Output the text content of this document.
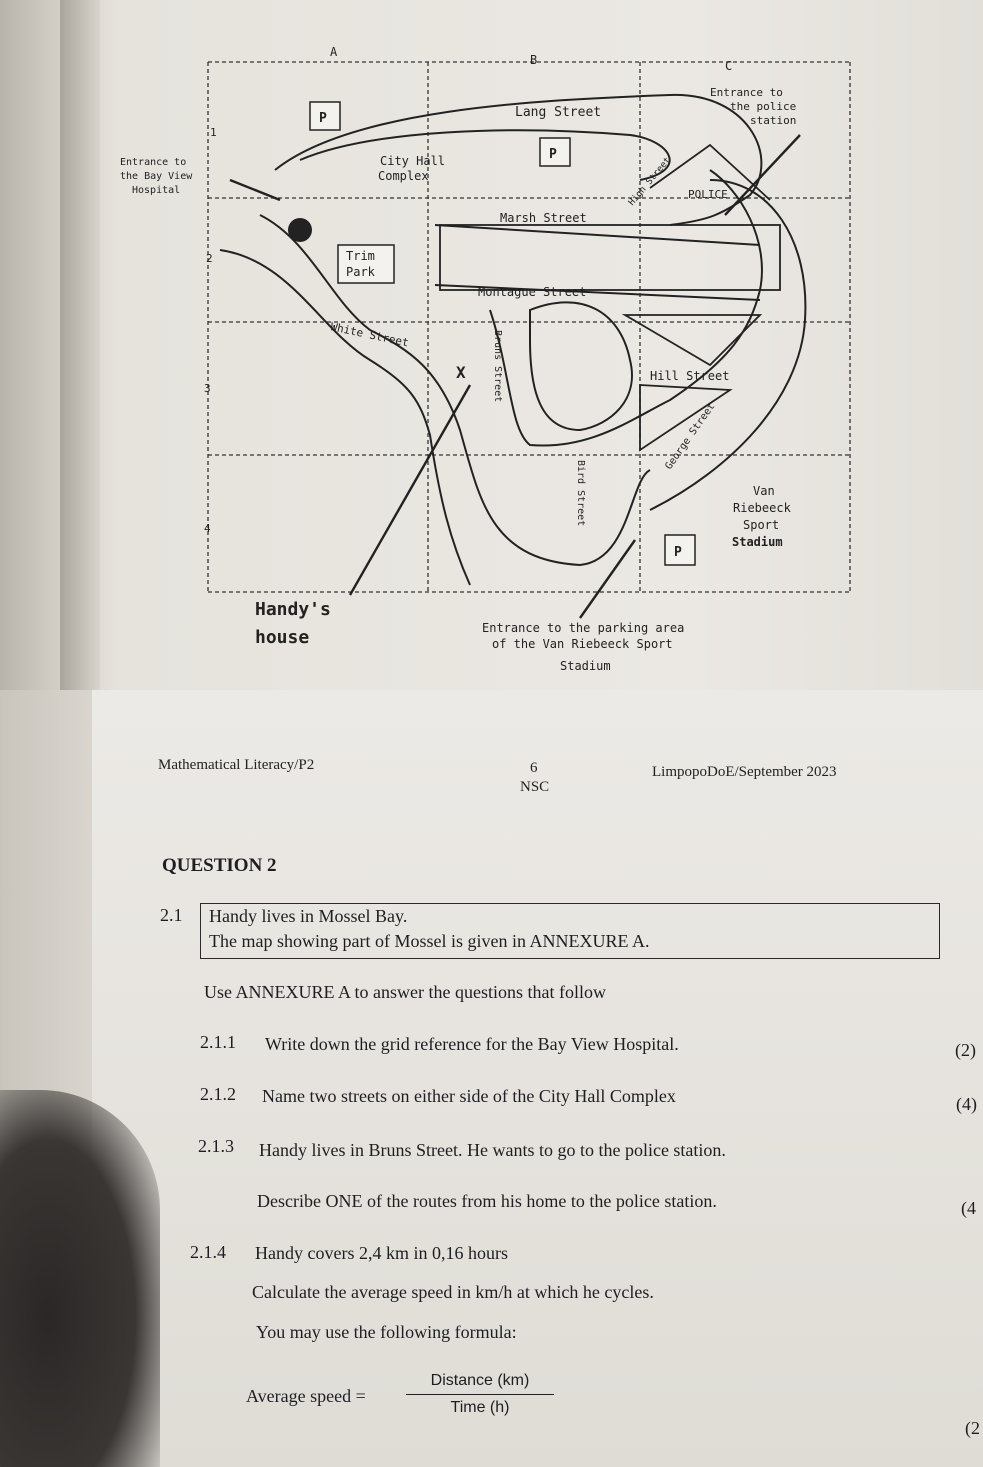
A
B	C
1
2
3
4
Entrance to
the Bay View
Hospital
Entrance to
the police
station
Lang Street
City Hall
Complex
Marsh Street
High Street POLICE
Trim
Park
Montague Street
White Street	Bruns Street	Hill Street
George Street
Bird Street	Van
Riebeeck
Sport
Stadium
Handy's
house	Entrance to the parking area
of the Van Riebeeck Sport
Stadium
P
P
P
X
Mathematical Literacy/P2	6
NSC
LimpopoDoE/September 2023
QUESTION 2
2.1 Handy lives in Mossel Bay.
The map showing part of Mossel is given in ANNEXURE A.
Use ANNEXURE A to answer the questions that follow
2.1.1 Write down the grid reference for the Bay View Hospital.	(2)
2.1.2 Name two streets on either side of the City Hall Complex	(4)
2.1.3 Handy lives in Bruns Street. He wants to go to the police station.
Describe ONE of the routes from his home to the police station.	(4
2.1.4 Handy covers 2,4 km in 0,16 hours
Calculate the average speed in km/h at which he cycles.
You may use the following formula:
Average speed =
Distance (km)
Time (h)
(2
